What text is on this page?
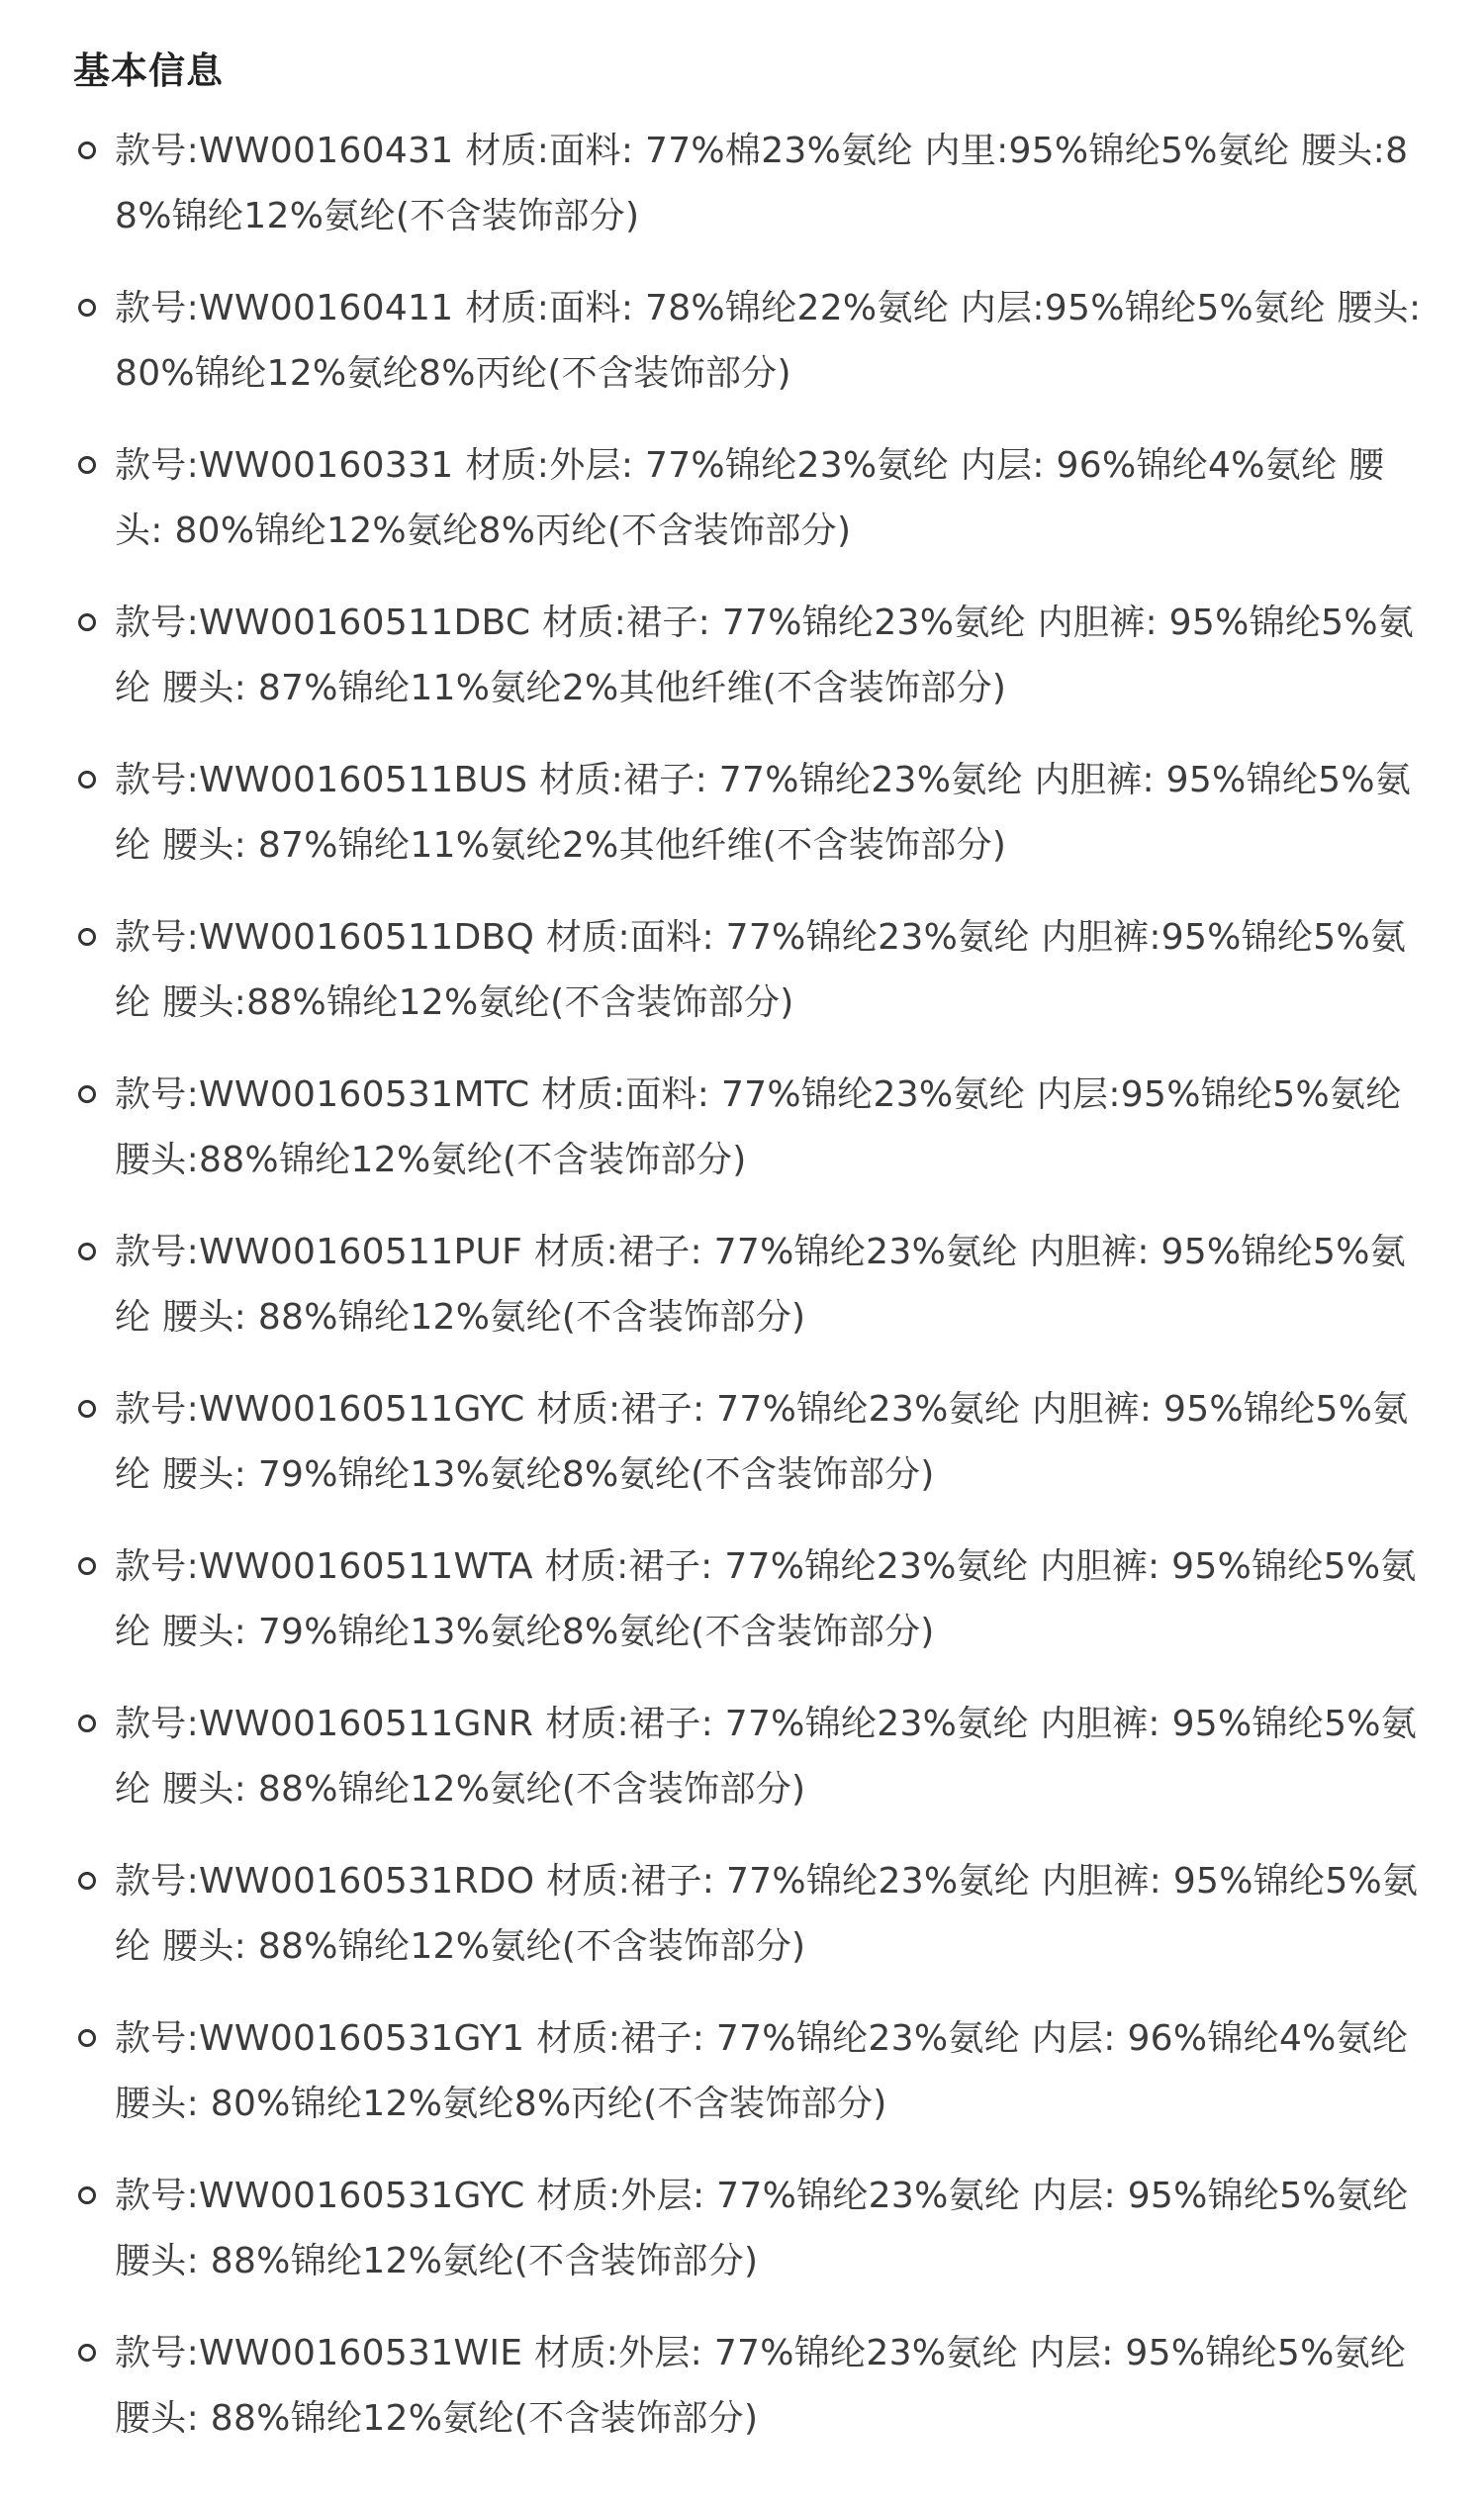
基本信息
款号:WW00160431 材质:面料: 77%棉23%氨纶 内里:95%锦纶5%氨纶 腰头:88%锦纶12%氨纶(不含装饰部分)
款号:WW00160411 材质:面料: 78%锦纶22%氨纶 内层:95%锦纶5%氨纶 腰头:80%锦纶12%氨纶8%丙纶(不含装饰部分)
款号:WW00160331 材质:外层: 77%锦纶23%氨纶 内层: 96%锦纶4%氨纶 腰头: 80%锦纶12%氨纶8%丙纶(不含装饰部分)
款号:WW00160511DBC 材质:裙子: 77%锦纶23%氨纶 内胆裤: 95%锦纶5%氨纶 腰头: 87%锦纶11%氨纶2%其他纤维(不含装饰部分)
款号:WW00160511BUS 材质:裙子: 77%锦纶23%氨纶 内胆裤: 95%锦纶5%氨纶 腰头: 87%锦纶11%氨纶2%其他纤维(不含装饰部分)
款号:WW00160511DBQ 材质:面料: 77%锦纶23%氨纶 内胆裤:95%锦纶5%氨纶 腰头:88%锦纶12%氨纶(不含装饰部分)
款号:WW00160531MTC 材质:面料: 77%锦纶23%氨纶 内层:95%锦纶5%氨纶 腰头:88%锦纶12%氨纶(不含装饰部分)
款号:WW00160511PUF 材质:裙子: 77%锦纶23%氨纶 内胆裤: 95%锦纶5%氨纶 腰头: 88%锦纶12%氨纶(不含装饰部分)
款号:WW00160511GYC 材质:裙子: 77%锦纶23%氨纶 内胆裤: 95%锦纶5%氨纶 腰头: 79%锦纶13%氨纶8%氨纶(不含装饰部分)
款号:WW00160511WTA 材质:裙子: 77%锦纶23%氨纶 内胆裤: 95%锦纶5%氨纶 腰头: 79%锦纶13%氨纶8%氨纶(不含装饰部分)
款号:WW00160511GNR 材质:裙子: 77%锦纶23%氨纶 内胆裤: 95%锦纶5%氨纶 腰头: 88%锦纶12%氨纶(不含装饰部分)
款号:WW00160531RDO 材质:裙子: 77%锦纶23%氨纶 内胆裤: 95%锦纶5%氨纶 腰头: 88%锦纶12%氨纶(不含装饰部分)
款号:WW00160531GY1 材质:裙子: 77%锦纶23%氨纶 内层: 96%锦纶4%氨纶 腰头: 80%锦纶12%氨纶8%丙纶(不含装饰部分)
款号:WW00160531GYC 材质:外层: 77%锦纶23%氨纶 内层: 95%锦纶5%氨纶 腰头: 88%锦纶12%氨纶(不含装饰部分)
款号:WW00160531WIE 材质:外层: 77%锦纶23%氨纶 内层: 95%锦纶5%氨纶 腰头: 88%锦纶12%氨纶(不含装饰部分)
